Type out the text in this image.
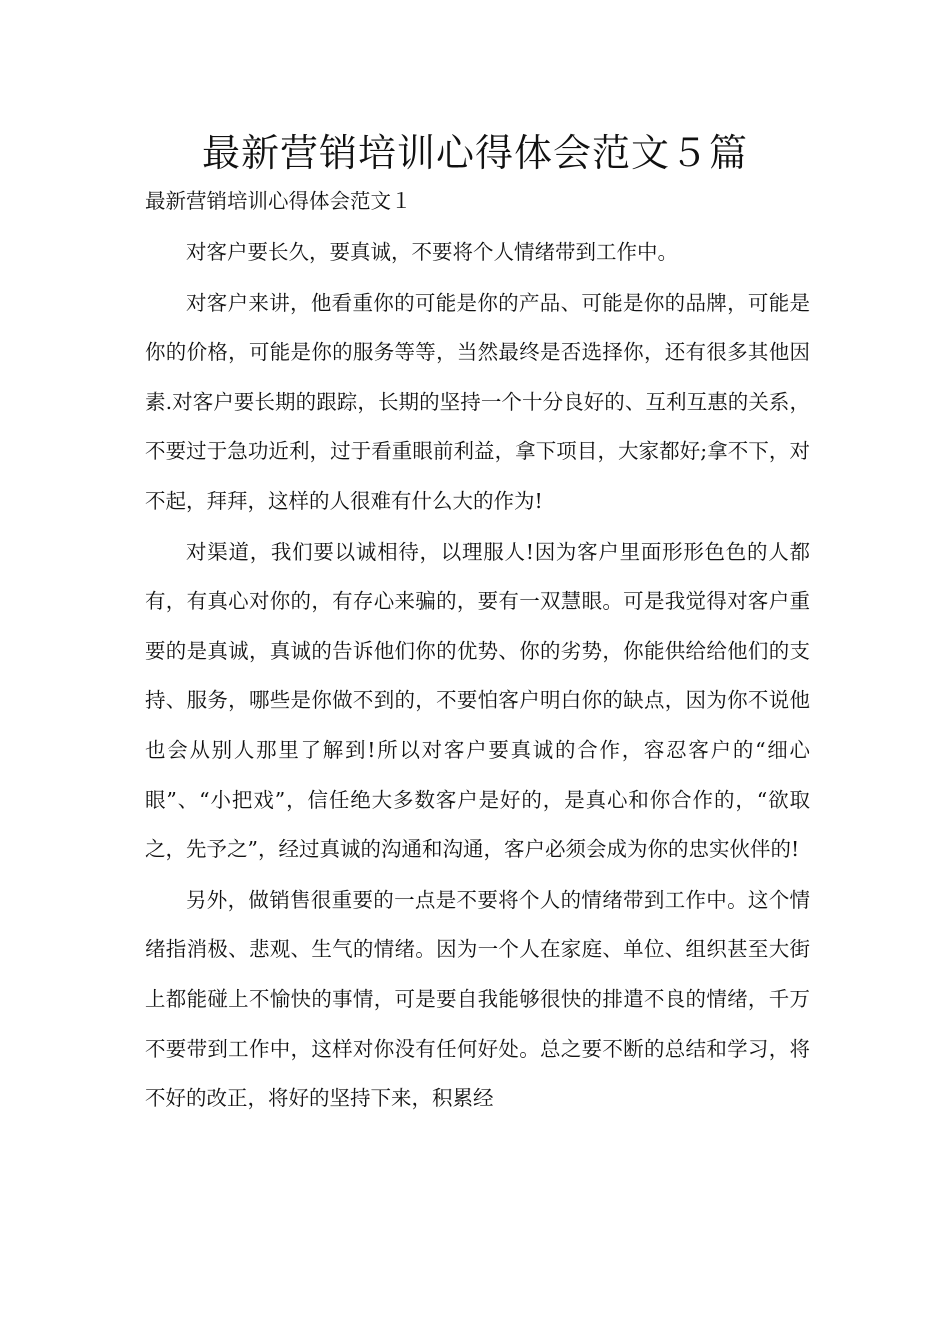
最新营销培训心得体会范文５篇

最新营销培训心得体会范文１

对客户要长久，要真诚，不要将个人情绪带到工作中。

对客户来讲，他看重你的可能是你的产品、可能是你的品牌，可能是你的价格，可能是你的服务等等，当然最终是否选择你，还有很多其他因素.对客户要长期的跟踪，长期的坚持一个十分良好的、互利互惠的关系，不要过于急功近利，过于看重眼前利益，拿下项目，大家都好;拿不下，对不起，拜拜，这样的人很难有什么大的作为!

对渠道，我们要以诚相待，以理服人!因为客户里面形形色色的人都有，有真心对你的，有存心来骗的，要有一双慧眼。可是我觉得对客户重要的是真诚，真诚的告诉他们你的优势、你的劣势，你能供给给他们的支持、服务，哪些是你做不到的，不要怕客户明白你的缺点，因为你不说他也会从别人那里了解到!所以对客户要真诚的合作，容忍客户的“细心眼”、“小把戏”，信任绝大多数客户是好的，是真心和你合作的，“欲取之，先予之”，经过真诚的沟通和沟通，客户必须会成为你的忠实伙伴的!

另外，做销售很重要的一点是不要将个人的情绪带到工作中。这个情绪指消极、悲观、生气的情绪。因为一个人在家庭、单位、组织甚至大街上都能碰上不愉快的事情，可是要自我能够很快的排遣不良的情绪，千万不要带到工作中，这样对你没有任何好处。总之要不断的总结和学习，将不好的改正，将好的坚持下来，积累经
